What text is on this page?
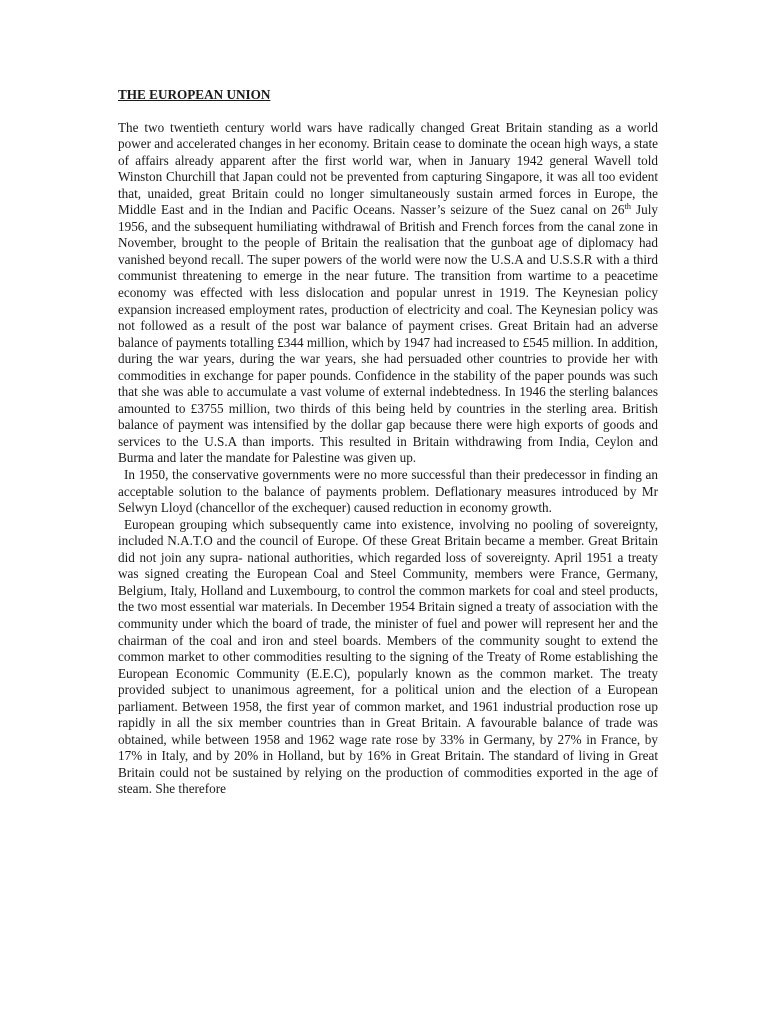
THE EUROPEAN UNION

The two twentieth century world wars have radically changed Great Britain standing as a world power and accelerated changes in her economy. Britain cease to dominate the ocean high ways, a state of affairs already apparent after the first world war, when in January 1942 general Wavell told Winston Churchill that Japan could not be prevented from capturing Singapore, it was all too evident that, unaided, great Britain could no longer simultaneously sustain armed forces in Europe, the Middle East and in the Indian and Pacific Oceans. Nasser’s seizure of the Suez canal on 26th July 1956, and the subsequent humiliating withdrawal of British and French forces from the canal zone in November, brought to the people of Britain the realisation that the gunboat age of diplomacy had vanished beyond recall. The super powers of the world were now the U.S.A and U.S.S.R with a third communist threatening to emerge in the near future. The transition from wartime to a peacetime economy was effected with less dislocation and popular unrest in 1919. The Keynesian policy expansion increased employment rates, production of electricity and coal. The Keynesian policy was not followed as a result of the post war balance of payment crises. Great Britain had an adverse balance of payments totalling £344 million, which by 1947 had increased to £545 million. In addition, during the war years, during the war years, she had persuaded other countries to provide her with commodities in exchange for paper pounds. Confidence in the stability of the paper pounds was such that she was able to accumulate a vast volume of external indebtedness. In 1946 the sterling balances amounted to £3755 million, two thirds of this being held by countries in the sterling area. British balance of payment was intensified by the dollar gap because there were high exports of goods and services to the U.S.A than imports. This resulted in Britain withdrawing from India, Ceylon and Burma and later the mandate for Palestine was given up.

In 1950, the conservative governments were no more successful than their predecessor in finding an acceptable solution to the balance of payments problem. Deflationary measures introduced by Mr Selwyn Lloyd (chancellor of the exchequer) caused reduction in economy growth.

European grouping which subsequently came into existence, involving no pooling of sovereignty, included N.A.T.O and the council of Europe. Of these Great Britain became a member. Great Britain did not join any supra- national authorities, which regarded loss of sovereignty. April 1951 a treaty was signed creating the European Coal and Steel Community, members were France, Germany, Belgium, Italy, Holland and Luxembourg, to control the common markets for coal and steel products, the two most essential war materials. In December 1954 Britain signed a treaty of association with the community under which the board of trade, the minister of fuel and power will represent her and the chairman of the coal and iron and steel boards. Members of the community sought to extend the common market to other commodities resulting to the signing of the Treaty of Rome establishing the European Economic Community (E.E.C), popularly known as the common market. The treaty provided subject to unanimous agreement, for a political union and the election of a European parliament. Between 1958, the first year of common market, and 1961 industrial production rose up rapidly in all the six member countries than in Great Britain. A favourable balance of trade was obtained, while between 1958 and 1962 wage rate rose by 33% in Germany, by 27% in France, by 17% in Italy, and by 20% in Holland, but by 16% in Great Britain. The standard of living in Great Britain could not be sustained by relying on the production of commodities exported in the age of steam. She therefore
